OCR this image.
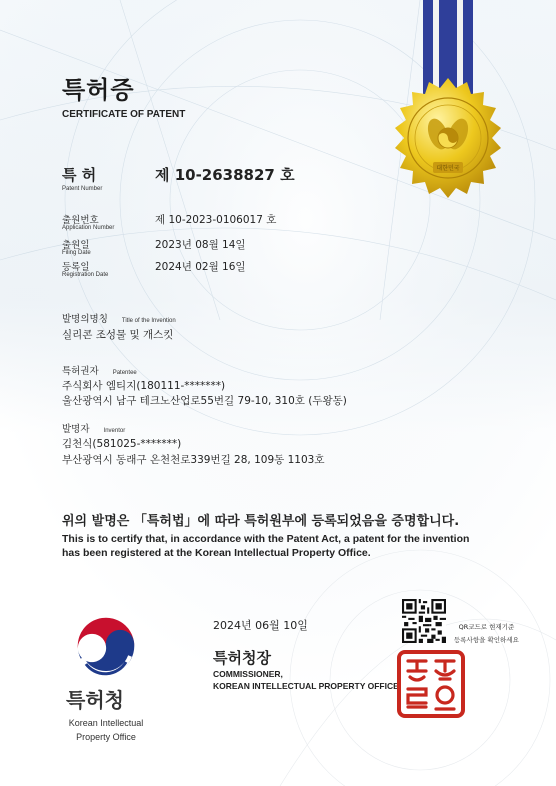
대한민국
특허증
CERTIFICATE OF PATENT
특 허
Patent Number
제 10-2638827 호
출원번호
Application Number
제 10-2023-0106017 호
출원일
Filing Date
2023년 08월 14일
등록일
Registration Date
2024년 02월 16일
발명의명칭 Title of the Invention
실리콘 조성물 및 개스킷
특허권자 Patentee
주식회사 엠티지(180111-*******)
울산광역시 남구 테크노산업로55번길 79-10, 310호 (두왕동)
발명자 Inventor
김천식(581025-*******)
부산광역시 동래구 온천천로339번길 28, 109동 1103호
위의 발명은 「특허법」에 따라 특허원부에 등록되었음을 증명합니다.
This is to certify that, in accordance with the Patent Act, a patent for the invention
has been registered at the Korean Intellectual Property Office.
2024년 06월 10일
특허청장
COMMISSIONER,
KOREAN INTELLECTUAL PROPERTY OFFICE
QR코드로 현재기준
등록사항을 확인하세요
특허청
Korean Intellectual
Property Office
